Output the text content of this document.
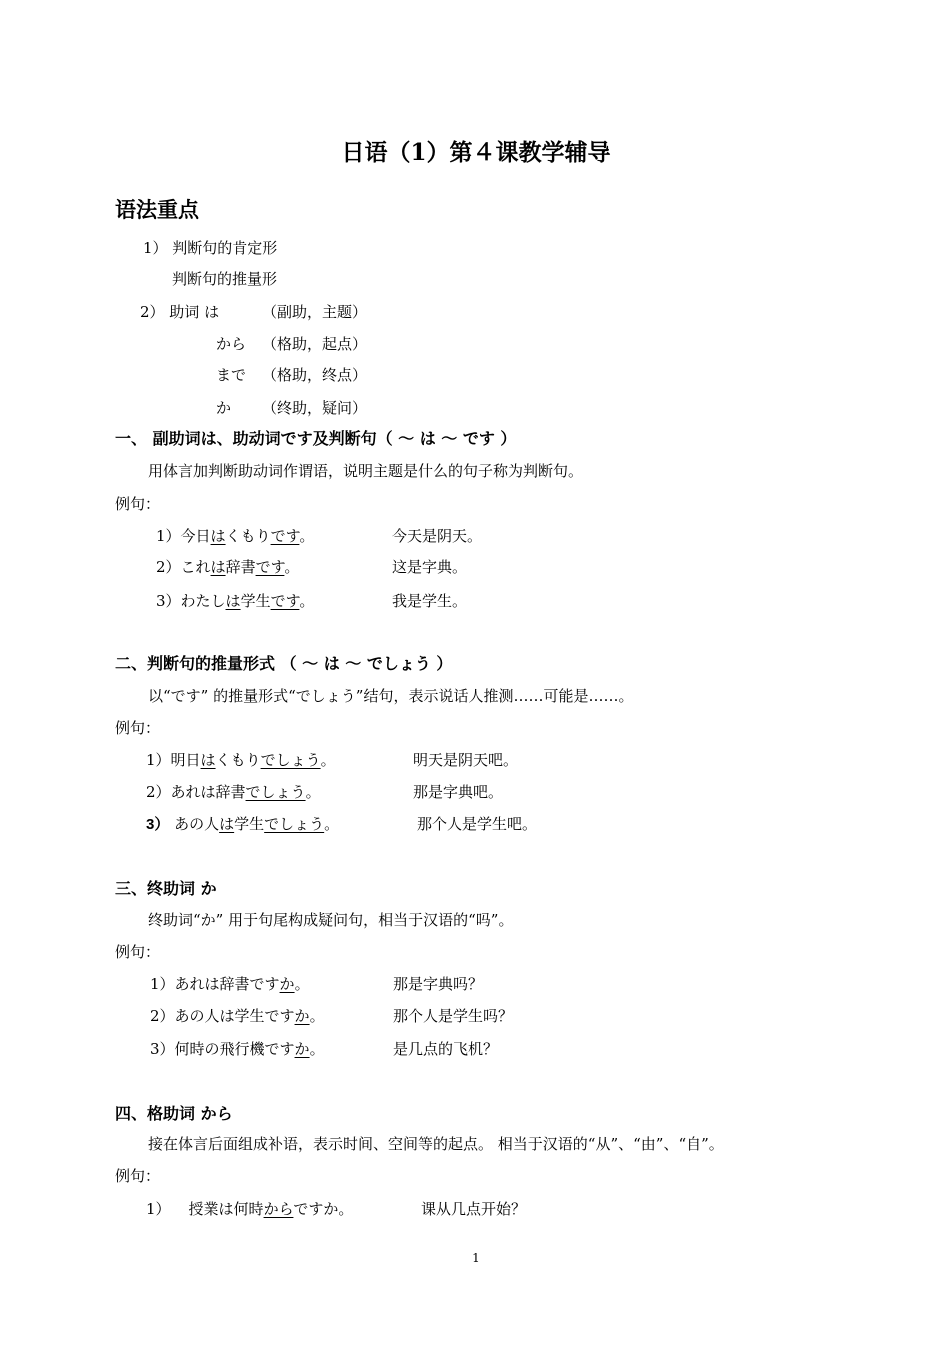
日语（1）第４课教学辅导
语法重点
1） 判断句的肯定形
判断句的推量形
2） 助词 は	（副助，主题）
から （格助，起点）
まで （格助，终点）
か （终助，疑问）
一、 副助词は、助动词です及判断句（ ～ は ～ です ）
用体言加判断助动词作谓语，说明主题是什么的句子称为判断句。
例句：
1）今日はくもりです。	今天是阴天。
2）これは辞書です。	这是字典。
3）わたしは学生です。	我是学生。
二、判断句的推量形式 （ ～ は ～ でしょう ）
以“です” 的推量形式“でしょう”结句，表示说话人推测……可能是……。
例句：
1）明日はくもりでしょう。	明天是阴天吧。
2）あれは辞書でしょう。	那是字典吧。
3） あの人は学生でしょう。	那个人是学生吧。
三、终助词 か
终助词“か” 用于句尾构成疑问句，相当于汉语的“吗”。
例句：
1）あれは辞書ですか。	那是字典吗？
2）あの人は学生ですか。	那个人是学生吗？
3）何時の飛行機ですか。	是几点的飞机？
四、格助词 から
接在体言后面组成补语，表示时间、空间等的起点。 相当于汉语的“从”、“由”、“自”。
例句：
1） 授業は何時からですか。	课从几点开始？
1
